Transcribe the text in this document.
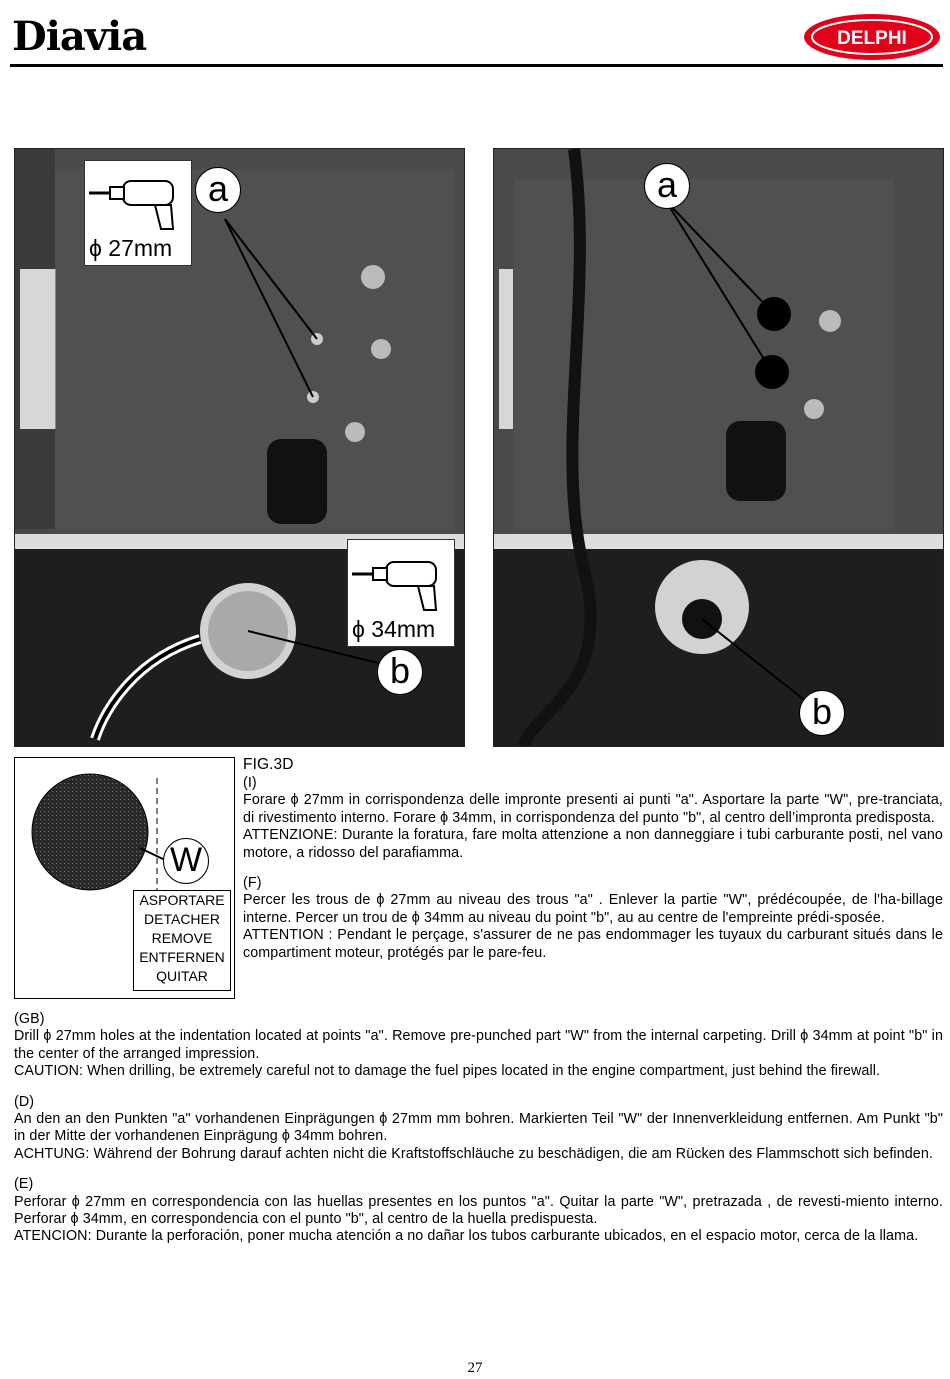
Diavia	DELPHI
ϕ 27mm
a
ϕ 34mm
b
a
b
W
ASPORTARE
DETACHER
REMOVE
ENTFERNEN
QUITAR

FIG.3D

(I)

Forare ϕ 27mm in corrispondenza delle impronte presenti ai punti "a". Asportare la parte "W", pre-tranciata, di rivestimento interno. Forare ϕ 34mm, in corrispondenza del punto "b", al centro dell’impronta predisposta.

ATTENZIONE: Durante la foratura, fare molta attenzione a non danneggiare i tubi carburante posti, nel vano motore, a ridosso del parafiamma.

(F)

Percer les trous de ϕ 27mm au niveau des trous "a" . Enlever la partie "W", prédécoupée, de l'ha-billage interne. Percer un trou de ϕ 34mm au niveau du point "b", au au centre de l'empreinte prédi-sposée.

ATTENTION : Pendant le perçage, s'assurer de ne pas endommager les tuyaux du carburant situés dans le compartiment moteur, protégés par le pare-feu.

(GB)

Drill ϕ 27mm holes at the indentation located at points "a". Remove pre-punched part "W" from the internal carpeting. Drill ϕ 34mm at point "b" in the center of the arranged impression.

CAUTION: When drilling, be extremely careful not to damage the fuel pipes located in the engine compartment, just behind the firewall.

(D)

An den an den Punkten "a" vorhandenen Einprägungen ϕ 27mm mm bohren. Markierten Teil "W" der Innenverkleidung entfernen. Am Punkt "b" in der Mitte der vorhandenen Einprägung ϕ 34mm bohren.

ACHTUNG: Während der Bohrung darauf achten nicht die Kraftstoffschläuche zu beschädigen, die am Rücken des Flammschott sich befinden.

(E)

Perforar ϕ 27mm en correspondencia con las huellas presentes en los puntos "a". Quitar la parte "W", pretrazada , de revesti-miento interno. Perforar ϕ 34mm, en correspondencia con el punto "b", al centro de la huella predispuesta.

ATENCION: Durante la perforación, poner mucha atención a no dañar los tubos carburante ubicados, en el espacio motor, cerca de la llama.

27
